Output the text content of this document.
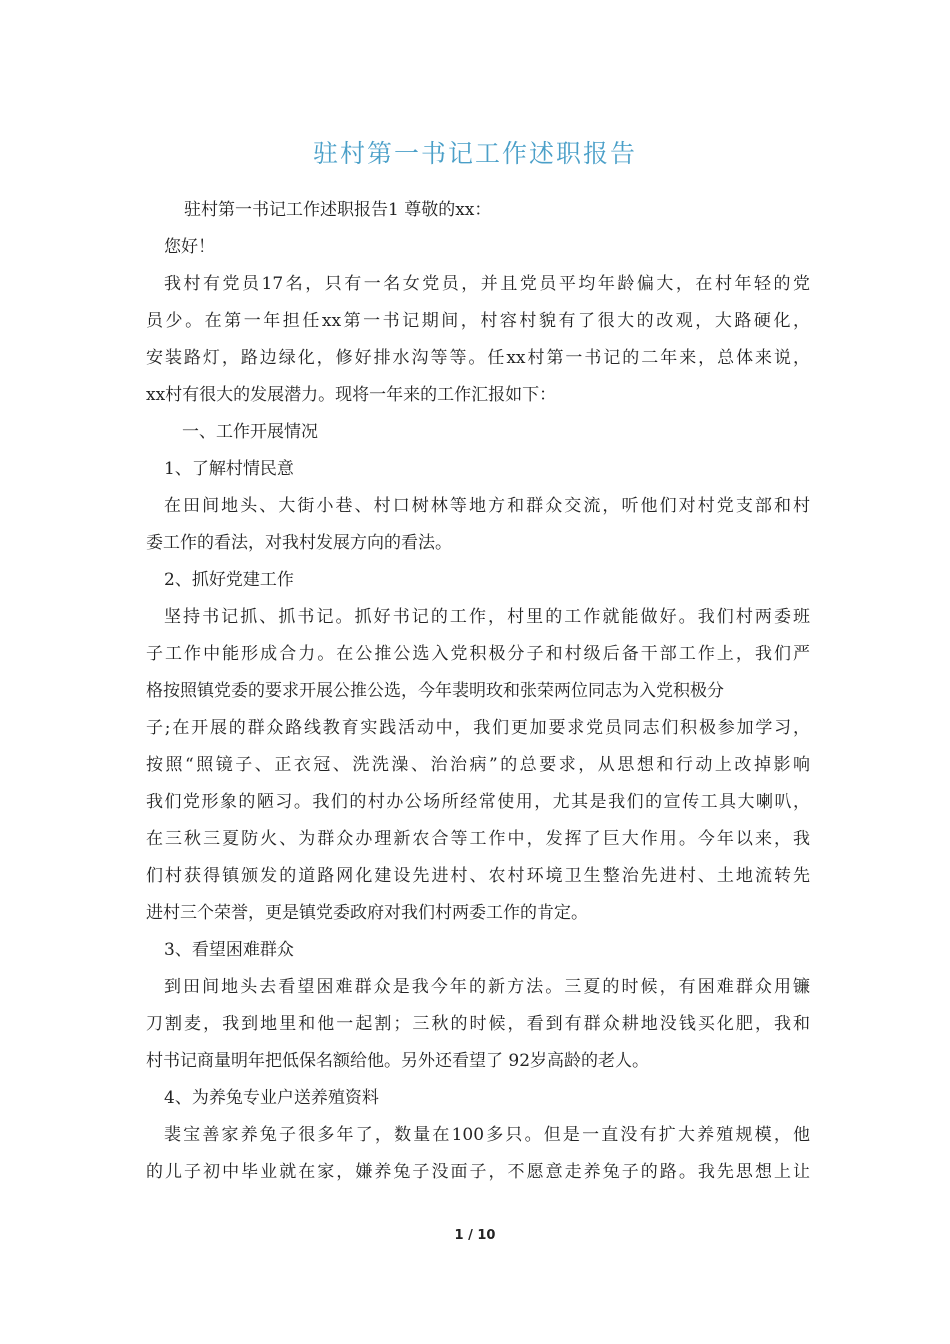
驻村第一书记工作述职报告
驻村第一书记工作述职报告1 尊敬的xx：
您好！
我村有党员17名，只有一名女党员，并且党员平均年龄偏大，在村年轻的党
员少。在第一年担任xx第一书记期间，村容村貌有了很大的改观，大路硬化，
安装路灯，路边绿化，修好排水沟等等。任xx村第一书记的二年来，总体来说，
xx村有很大的发展潜力。现将一年来的工作汇报如下：
一、工作开展情况
1、了解村情民意
在田间地头、大街小巷、村口树林等地方和群众交流，听他们对村党支部和村
委工作的看法，对我村发展方向的看法。
2、抓好党建工作
坚持书记抓、抓书记。抓好书记的工作，村里的工作就能做好。我们村两委班
子工作中能形成合力。在公推公选入党积极分子和村级后备干部工作上，我们严
格按照镇党委的要求开展公推公选，今年裴明玫和张荣两位同志为入党积极分
子;在开展的群众路线教育实践活动中，我们更加要求党员同志们积极参加学习，
按照“照镜子、正衣冠、洗洗澡、治治病”的总要求，从思想和行动上改掉影响
我们党形象的陋习。我们的村办公场所经常使用，尤其是我们的宣传工具大喇叭，
在三秋三夏防火、为群众办理新农合等工作中，发挥了巨大作用。今年以来，我
们村获得镇颁发的道路网化建设先进村、农村环境卫生整治先进村、土地流转先
进村三个荣誉，更是镇党委政府对我们村两委工作的肯定。
3、看望困难群众
到田间地头去看望困难群众是我今年的新方法。三夏的时候，有困难群众用镰
刀割麦，我到地里和他一起割；三秋的时候，看到有群众耕地没钱买化肥，我和
村书记商量明年把低保名额给他。另外还看望了 92岁高龄的老人。
4、为养兔专业户送养殖资料
裴宝善家养兔子很多年了，数量在100多只。但是一直没有扩大养殖规模，他
的儿子初中毕业就在家，嫌养兔子没面子，不愿意走养兔子的路。我先思想上让
1 / 10
